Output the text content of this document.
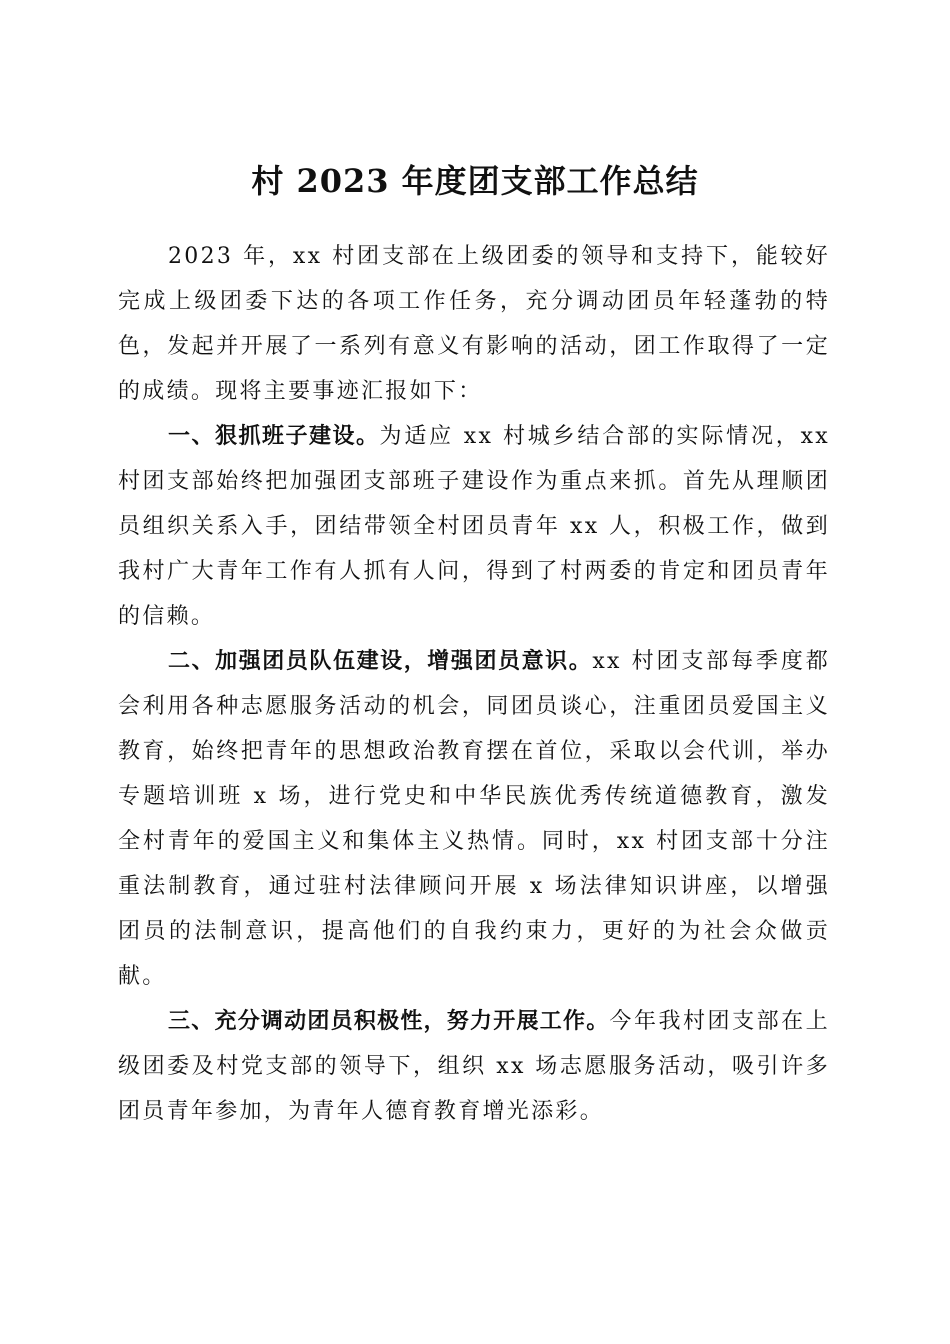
村 2023 年度团支部工作总结

2023 年，xx 村团支部在上级团委的领导和支持下，能较好完成上级团委下达的各项工作任务，充分调动团员年轻蓬勃的特色，发起并开展了一系列有意义有影响的活动，团工作取得了一定的成绩。现将主要事迹汇报如下：

一、狠抓班子建设。为适应 xx 村城乡结合部的实际情况，xx 村团支部始终把加强团支部班子建设作为重点来抓。首先从理顺团员组织关系入手，团结带领全村团员青年 xx 人，积极工作，做到我村广大青年工作有人抓有人问，得到了村两委的肯定和团员青年的信赖。

二、加强团员队伍建设，增强团员意识。xx 村团支部每季度都会利用各种志愿服务活动的机会，同团员谈心，注重团员爱国主义教育，始终把青年的思想政治教育摆在首位，采取以会代训，举办专题培训班 x 场，进行党史和中华民族优秀传统道德教育，激发全村青年的爱国主义和集体主义热情。同时，xx 村团支部十分注重法制教育，通过驻村法律顾问开展 x 场法律知识讲座，以增强团员的法制意识，提高他们的自我约束力，更好的为社会众做贡献。

三、充分调动团员积极性，努力开展工作。今年我村团支部在上级团委及村党支部的领导下，组织 xx 场志愿服务活动，吸引许多团员青年参加，为青年人德育教育增光添彩。
